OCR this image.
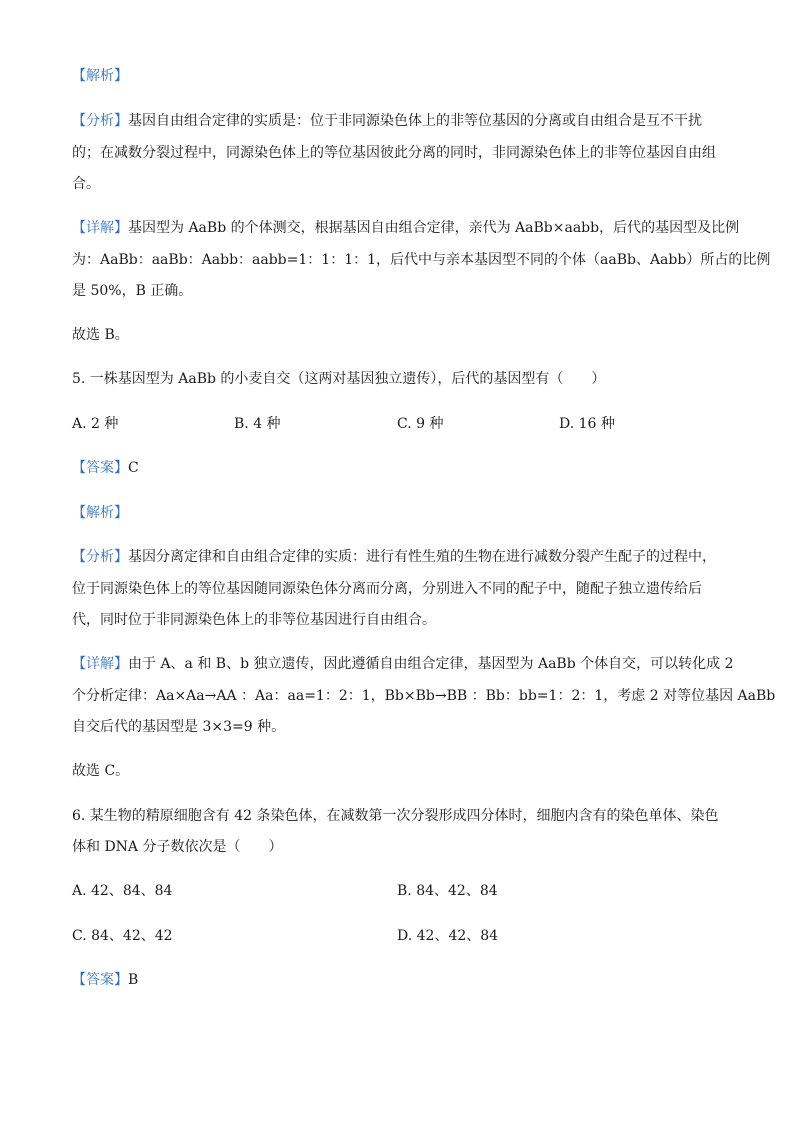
【解析】
【分析】基因自由组合定律的实质是：位于非同源染色体上的非等位基因的分离或自由组合是互不干扰
的；在减数分裂过程中，同源染色体上的等位基因彼此分离的同时，非同源染色体上的非等位基因自由组
合。
【详解】基因型为 AaBb 的个体测交，根据基因自由组合定律，亲代为 AaBb×aabb，后代的基因型及比例
为：AaBb：aaBb：Aabb：aabb=1：1：1：1，后代中与亲本基因型不同的个体（aaBb、Aabb）所占的比例
是 50%，B 正确。
故选 B。
5. 一株基因型为 AaBb 的小麦自交（这两对基因独立遗传），后代的基因型有（　　）
A. 2 种	B. 4 种	C. 9 种	D. 16 种
【答案】C
【解析】
【分析】基因分离定律和自由组合定律的实质：进行有性生殖的生物在进行减数分裂产生配子的过程中，
位于同源染色体上的等位基因随同源染色体分离而分离，分别进入不同的配子中，随配子独立遗传给后
代，同时位于非同源染色体上的非等位基因进行自由组合。
【详解】由于 A、a 和 B、b 独立遗传，因此遵循自由组合定律，基因型为 AaBb 个体自交，可以转化成 2
个分析定律：Aa×Aa→AA ：Aa：aa=1：2：1，Bb×Bb→BB ：Bb：bb=1：2：1，考虑 2 对等位基因 AaBb
自交后代的基因型是 3×3=9 种。
故选 C。
6. 某生物的精原细胞含有 42 条染色体，在减数第一次分裂形成四分体时，细胞内含有的染色单体、染色
体和 DNA 分子数依次是（　　）
A. 42、84、84	B. 84、42、84
C. 84、42、42	D. 42、42、84
【答案】B
